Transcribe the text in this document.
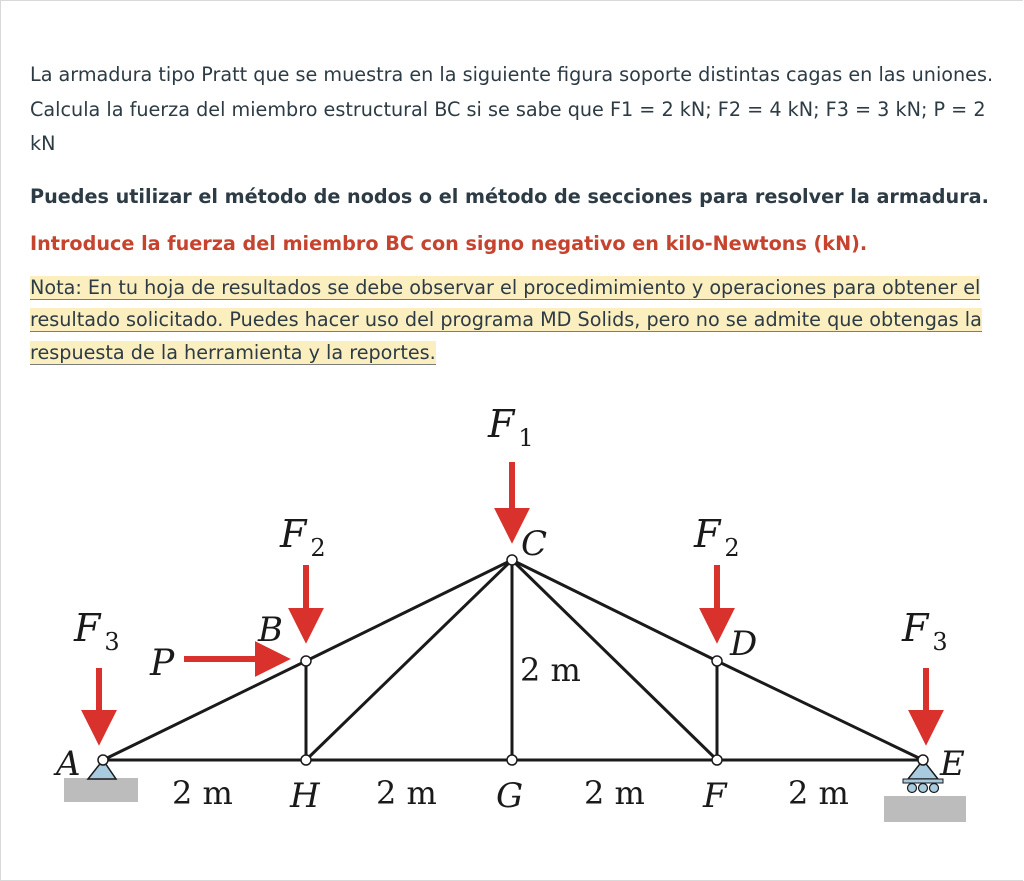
La armadura tipo Pratt que se muestra en la siguiente figura soporte distintas cagas en las uniones. Calcula la fuerza del miembro estructural BC si se sabe que F1 = 2 kN; F2 = 4 kN; F3 = 3 kN; P = 2 kN

Puedes utilizar el método de nodos o el método de secciones para resolver la armadura.

Introduce la fuerza del miembro BC con signo negativo en kilo-Newtons (kN).

Nota: En tu hoja de resultados se debe observar el procedimimiento y operaciones para obtener el resultado solicitado. Puedes hacer uso del programa MD Solids, pero no se admite que obtengas la respuesta de la herramienta y la reportes.

F $_1$
F $_2$	F $_2$
F $_3$	F $_3$
P
A
B
C
D
E
H	G	F
2 m	2 m	2 m	2 m
2 m
